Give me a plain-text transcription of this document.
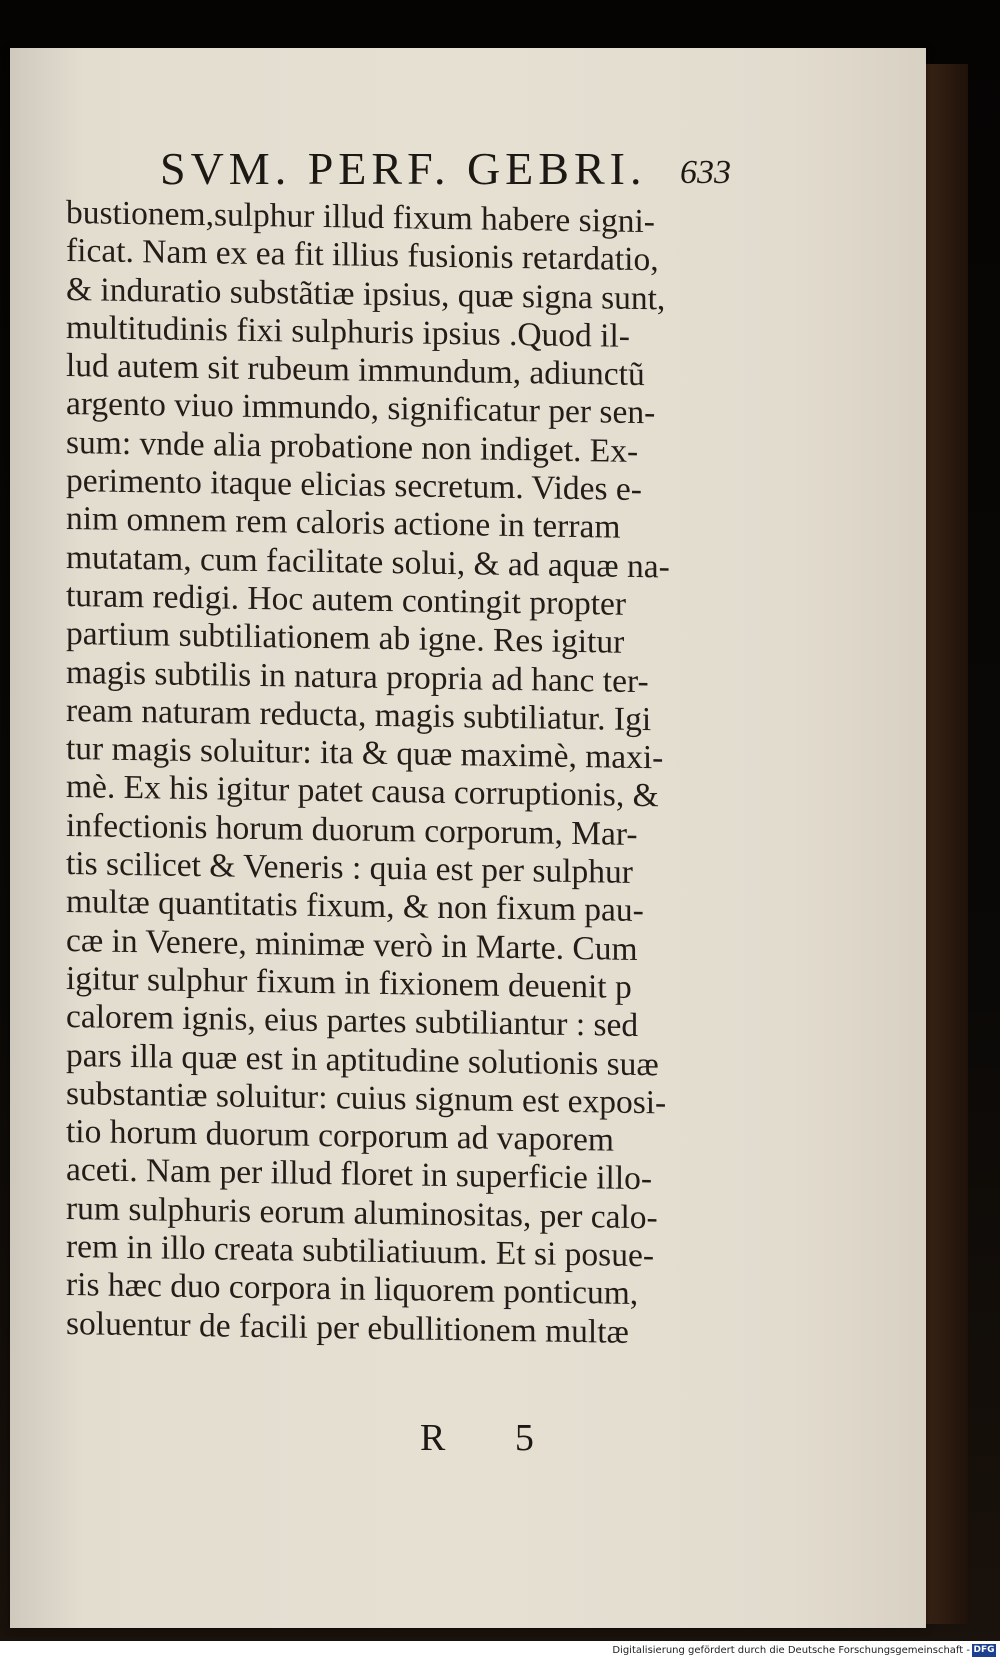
SVM. PERF. GEBRI. 633
bustionem,sulphur illud fixum habere signi-
ficat. Nam ex ea fit illius fusionis retardatio,
& induratio substãtiæ ipsius, quæ signa sunt,
multitudinis fixi sulphuris ipsius .Quod il-
lud autem sit rubeum immundum, adiunctũ
argento viuo immundo, significatur per sen-
sum: vnde alia probatione non indiget. Ex-
perimento itaque elicias secretum. Vides e-
nim omnem rem caloris actione in terram
mutatam, cum facilitate solui, & ad aquæ na-
turam redigi. Hoc autem contingit propter
partium subtiliationem ab igne. Res igitur
magis subtilis in natura propria ad hanc ter-
ream naturam reducta, magis subtiliatur. Igi
tur magis soluitur: ita & quæ maximè, maxi-
mè. Ex his igitur patet causa corruptionis, &
infectionis horum duorum corporum, Mar-
tis scilicet & Veneris : quia est per sulphur
multæ quantitatis fixum, & non fixum pau-
cæ in Venere, minimæ verò in Marte. Cum
igitur sulphur fixum in fixionem deuenit p
calorem ignis, eius partes subtiliantur : sed
pars illa quæ est in aptitudine solutionis suæ
substantiæ soluitur: cuius signum est exposi-
tio horum duorum corporum ad vaporem
aceti. Nam per illud floret in superficie illo-
rum sulphuris eorum aluminositas, per calo-
rem in illo creata subtiliatiuum. Et si posue-
ris hæc duo corpora in liquorem ponticum,
soluentur de facili per ebullitionem multæ
R 5
Digitalisierung gefördert durch die Deutsche Forschungsgemeinschaft - DFG
